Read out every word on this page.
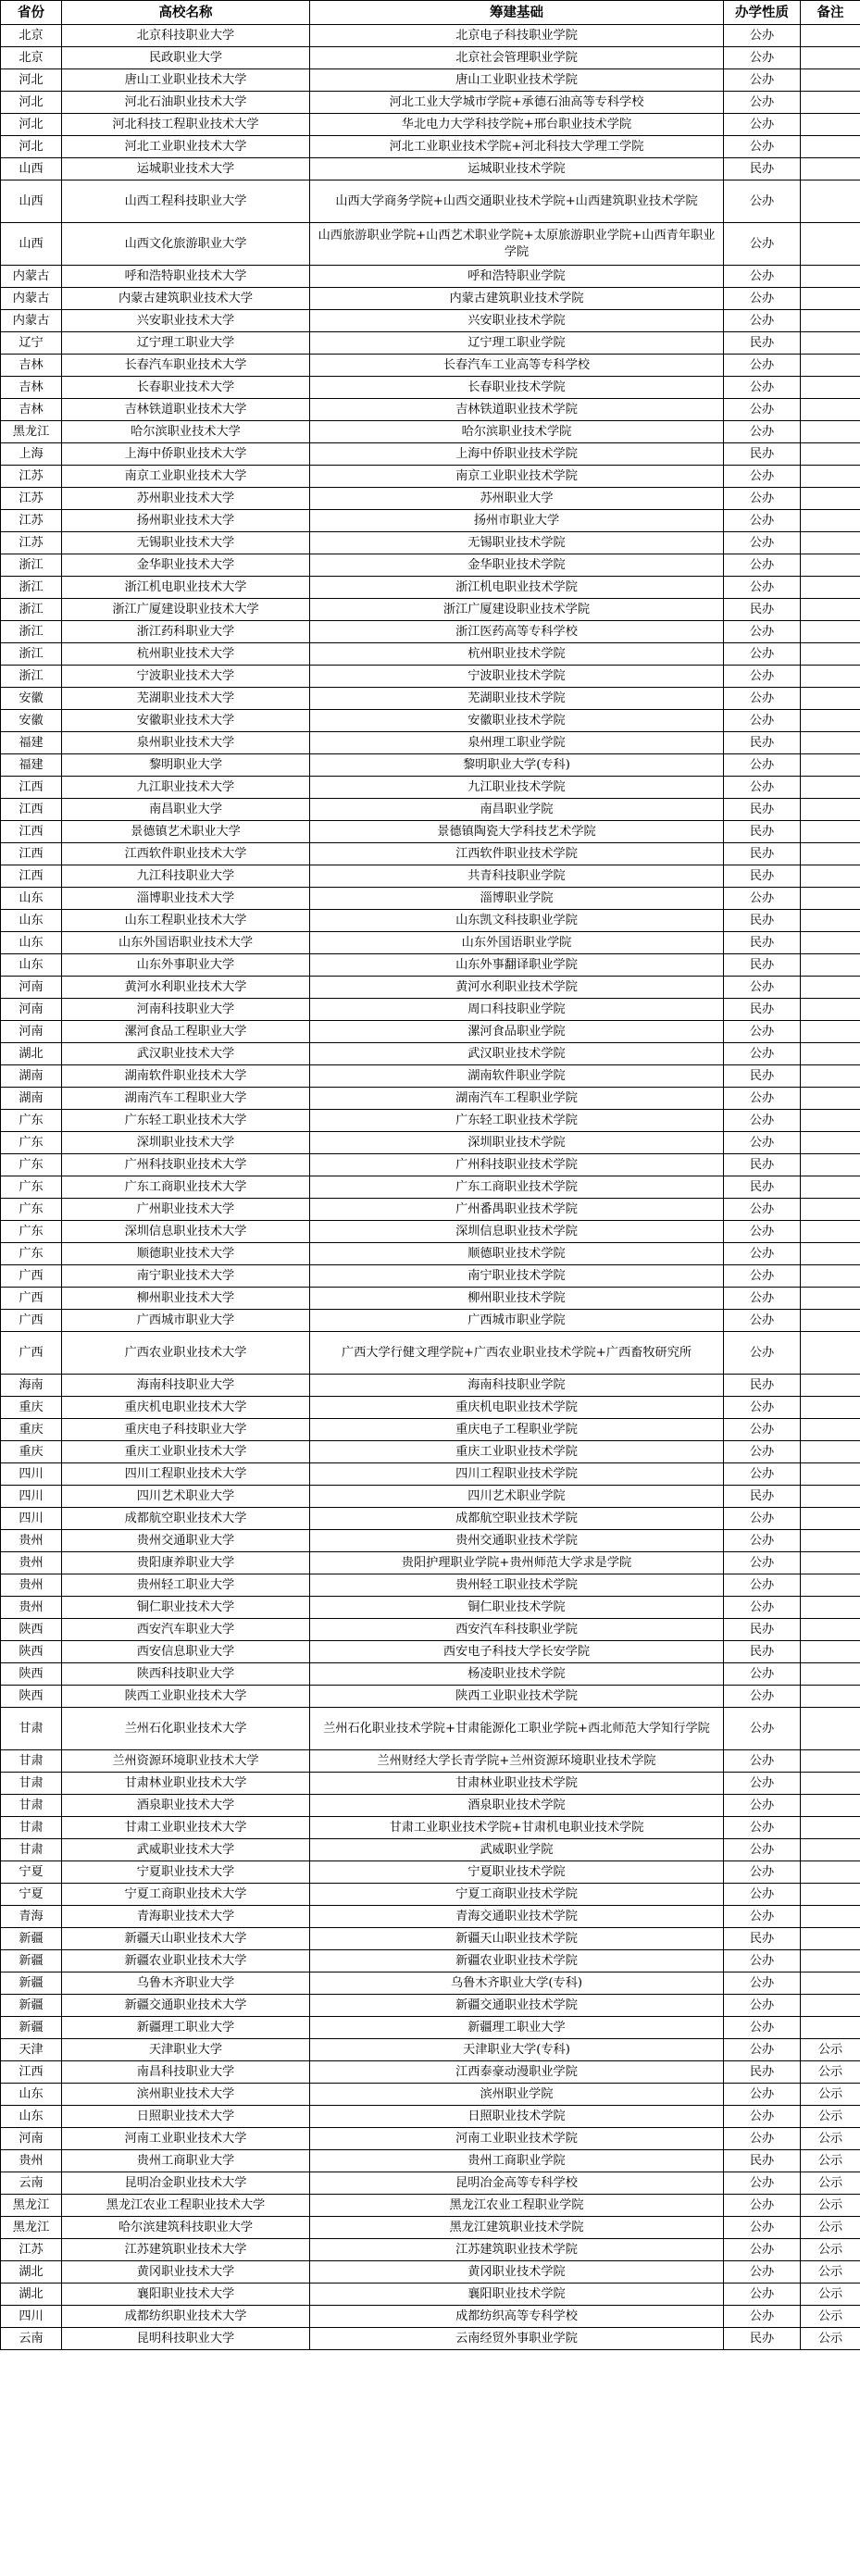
省份	高校名称	筹建基础	办学性质	备注
北京	北京科技职业大学	北京电子科技职业学院	公办	
北京	民政职业大学	北京社会管理职业学院	公办	
河北	唐山工业职业技术大学	唐山工业职业技术学院	公办	
河北	河北石油职业技术大学	河北工业大学城市学院+承德石油高等专科学校	公办	
河北	河北科技工程职业技术大学	华北电力大学科技学院+邢台职业技术学院	公办	
河北	河北工业职业技术大学	河北工业职业技术学院+河北科技大学理工学院	公办	
山西	运城职业技术大学	运城职业技术学院	民办	
山西	山西工程科技职业大学	山西大学商务学院+山西交通职业技术学院+山西建筑职业技术学院	公办	
山西	山西文化旅游职业大学	山西旅游职业学院+山西艺术职业学院+太原旅游职业学院+山西青年职业学院	公办	
内蒙古	呼和浩特职业技术大学	呼和浩特职业学院	公办	
内蒙古	内蒙古建筑职业技术大学	内蒙古建筑职业技术学院	公办	
内蒙古	兴安职业技术大学	兴安职业技术学院	公办	
辽宁	辽宁理工职业大学	辽宁理工职业学院	民办	
吉林	长春汽车职业技术大学	长春汽车工业高等专科学校	公办	
吉林	长春职业技术大学	长春职业技术学院	公办	
吉林	吉林铁道职业技术大学	吉林铁道职业技术学院	公办	
黑龙江	哈尔滨职业技术大学	哈尔滨职业技术学院	公办	
上海	上海中侨职业技术大学	上海中侨职业技术学院	民办	
江苏	南京工业职业技术大学	南京工业职业技术学院	公办	
江苏	苏州职业技术大学	苏州职业大学	公办	
江苏	扬州职业技术大学	扬州市职业大学	公办	
江苏	无锡职业技术大学	无锡职业技术学院	公办	
浙江	金华职业技术大学	金华职业技术学院	公办	
浙江	浙江机电职业技术大学	浙江机电职业技术学院	公办	
浙江	浙江广厦建设职业技术大学	浙江广厦建设职业技术学院	民办	
浙江	浙江药科职业大学	浙江医药高等专科学校	公办	
浙江	杭州职业技术大学	杭州职业技术学院	公办	
浙江	宁波职业技术大学	宁波职业技术学院	公办	
安徽	芜湖职业技术大学	芜湖职业技术学院	公办	
安徽	安徽职业技术大学	安徽职业技术学院	公办	
福建	泉州职业技术大学	泉州理工职业学院	民办	
福建	黎明职业大学	黎明职业大学(专科)	公办	
江西	九江职业技术大学	九江职业技术学院	公办	
江西	南昌职业大学	南昌职业学院	民办	
江西	景德镇艺术职业大学	景德镇陶瓷大学科技艺术学院	民办	
江西	江西软件职业技术大学	江西软件职业技术学院	民办	
江西	九江科技职业大学	共青科技职业学院	民办	
山东	淄博职业技术大学	淄博职业学院	公办	
山东	山东工程职业技术大学	山东凯文科技职业学院	民办	
山东	山东外国语职业技术大学	山东外国语职业学院	民办	
山东	山东外事职业大学	山东外事翻译职业学院	民办	
河南	黄河水利职业技术大学	黄河水利职业技术学院	公办	
河南	河南科技职业大学	周口科技职业学院	民办	
河南	漯河食品工程职业大学	漯河食品职业学院	公办	
湖北	武汉职业技术大学	武汉职业技术学院	公办	
湖南	湖南软件职业技术大学	湖南软件职业学院	民办	
湖南	湖南汽车工程职业大学	湖南汽车工程职业学院	公办	
广东	广东轻工职业技术大学	广东轻工职业技术学院	公办	
广东	深圳职业技术大学	深圳职业技术学院	公办	
广东	广州科技职业技术大学	广州科技职业技术学院	民办	
广东	广东工商职业技术大学	广东工商职业技术学院	民办	
广东	广州职业技术大学	广州番禺职业技术学院	公办	
广东	深圳信息职业技术大学	深圳信息职业技术学院	公办	
广东	顺德职业技术大学	顺德职业技术学院	公办	
广西	南宁职业技术大学	南宁职业技术学院	公办	
广西	柳州职业技术大学	柳州职业技术学院	公办	
广西	广西城市职业大学	广西城市职业学院	公办	
广西	广西农业职业技术大学	广西大学行健文理学院+广西农业职业技术学院+广西畜牧研究所	公办	
海南	海南科技职业大学	海南科技职业学院	民办	
重庆	重庆机电职业技术大学	重庆机电职业技术学院	公办	
重庆	重庆电子科技职业大学	重庆电子工程职业学院	公办	
重庆	重庆工业职业技术大学	重庆工业职业技术学院	公办	
四川	四川工程职业技术大学	四川工程职业技术学院	公办	
四川	四川艺术职业大学	四川艺术职业学院	民办	
四川	成都航空职业技术大学	成都航空职业技术学院	公办	
贵州	贵州交通职业大学	贵州交通职业技术学院	公办	
贵州	贵阳康养职业大学	贵阳护理职业学院+贵州师范大学求是学院	公办	
贵州	贵州轻工职业大学	贵州轻工职业技术学院	公办	
贵州	铜仁职业技术大学	铜仁职业技术学院	公办	
陕西	西安汽车职业大学	西安汽车科技职业学院	民办	
陕西	西安信息职业大学	西安电子科技大学长安学院	民办	
陕西	陕西科技职业大学	杨凌职业技术学院	公办	
陕西	陕西工业职业技术大学	陕西工业职业技术学院	公办	
甘肃	兰州石化职业技术大学	兰州石化职业技术学院+甘肃能源化工职业学院+西北师范大学知行学院	公办	
甘肃	兰州资源环境职业技术大学	兰州财经大学长青学院+兰州资源环境职业技术学院	公办	
甘肃	甘肃林业职业技术大学	甘肃林业职业技术学院	公办	
甘肃	酒泉职业技术大学	酒泉职业技术学院	公办	
甘肃	甘肃工业职业技术大学	甘肃工业职业技术学院+甘肃机电职业技术学院	公办	
甘肃	武威职业技术大学	武威职业学院	公办	
宁夏	宁夏职业技术大学	宁夏职业技术学院	公办	
宁夏	宁夏工商职业技术大学	宁夏工商职业技术学院	公办	
青海	青海职业技术大学	青海交通职业技术学院	公办	
新疆	新疆天山职业技术大学	新疆天山职业技术学院	民办	
新疆	新疆农业职业技术大学	新疆农业职业技术学院	公办	
新疆	乌鲁木齐职业大学	乌鲁木齐职业大学(专科)	公办	
新疆	新疆交通职业技术大学	新疆交通职业技术学院	公办	
新疆	新疆理工职业大学	新疆理工职业大学	公办	
天津	天津职业大学	天津职业大学(专科)	公办	公示
江西	南昌科技职业大学	江西泰豪动漫职业学院	民办	公示
山东	滨州职业技术大学	滨州职业学院	公办	公示
山东	日照职业技术大学	日照职业技术学院	公办	公示
河南	河南工业职业技术大学	河南工业职业技术学院	公办	公示
贵州	贵州工商职业大学	贵州工商职业学院	民办	公示
云南	昆明冶金职业技术大学	昆明冶金高等专科学校	公办	公示
黑龙江	黑龙江农业工程职业技术大学	黑龙江农业工程职业学院	公办	公示
黑龙江	哈尔滨建筑科技职业大学	黑龙江建筑职业技术学院	公办	公示
江苏	江苏建筑职业技术大学	江苏建筑职业技术学院	公办	公示
湖北	黄冈职业技术大学	黄冈职业技术学院	公办	公示
湖北	襄阳职业技术大学	襄阳职业技术学院	公办	公示
四川	成都纺织职业技术大学	成都纺织高等专科学校	公办	公示
云南	昆明科技职业大学	云南经贸外事职业学院	民办	公示
